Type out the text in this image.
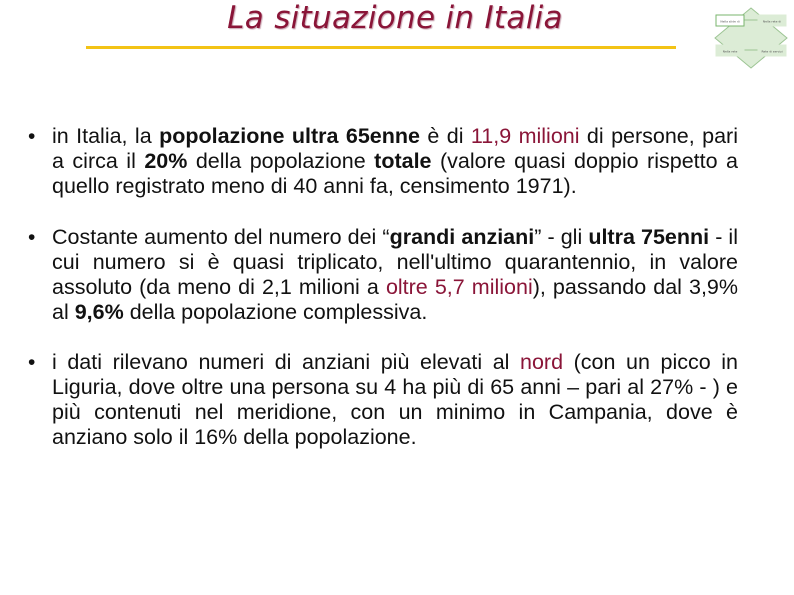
La situazione in Italia	Nella slide di	Nella rete di
Nella rete	Rete di servizi
• in Italia, la popolazione ultra 65enne è di 11,9 milioni di persone, pari a circa il 20% della popolazione totale (valore quasi doppio rispetto a quello registrato meno di 40 anni fa, censimento 1971).
• Costante aumento del numero dei “grandi anziani” - gli ultra 75enni - il cui numero si è quasi triplicato, nell'ultimo quarantennio, in valore assoluto (da meno di 2,1 milioni a oltre 5,7 milioni), passando dal 3,9% al 9,6% della popolazione complessiva.
• i dati rilevano numeri di anziani più elevati al nord (con un picco in Liguria, dove oltre una persona su 4 ha più di 65 anni – pari al 27% - ) e più contenuti nel meridione, con un minimo in Campania, dove è anziano solo il 16% della popolazione.
